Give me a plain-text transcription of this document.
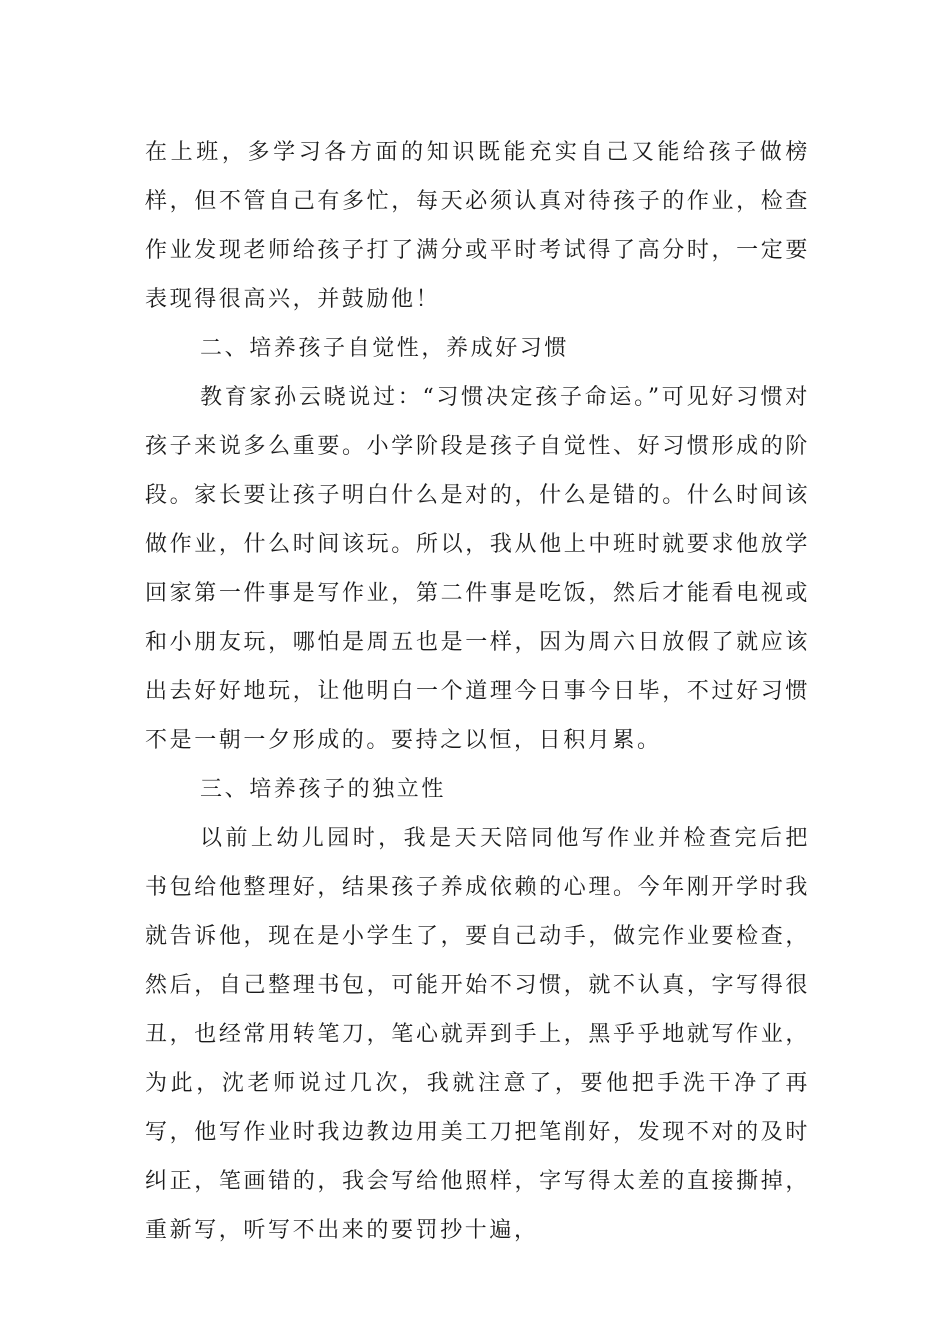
在上班，多学习各方面的知识既能充实自己又能给孩子做榜样，但不管自己有多忙，每天必须认真对待孩子的作业，检查作业发现老师给孩子打了满分或平时考试得了高分时，一定要表现得很高兴，并鼓励他！

二、培养孩子自觉性，养成好习惯

教育家孙云晓说过：“习惯决定孩子命运。”可见好习惯对孩子来说多么重要。小学阶段是孩子自觉性、好习惯形成的阶段。家长要让孩子明白什么是对的，什么是错的。什么时间该做作业，什么时间该玩。所以，我从他上中班时就要求他放学回家第一件事是写作业，第二件事是吃饭，然后才能看电视或和小朋友玩，哪怕是周五也是一样，因为周六日放假了就应该出去好好地玩，让他明白一个道理今日事今日毕，不过好习惯不是一朝一夕形成的。要持之以恒，日积月累。

三、培养孩子的独立性

以前上幼儿园时，我是天天陪同他写作业并检查完后把书包给他整理好，结果孩子养成依赖的心理。今年刚开学时我就告诉他，现在是小学生了，要自己动手，做完作业要检查，然后，自己整理书包，可能开始不习惯，就不认真，字写得很丑，也经常用转笔刀，笔心就弄到手上，黑乎乎地就写作业，为此，沈老师说过几次，我就注意了，要他把手洗干净了再写，他写作业时我边教边用美工刀把笔削好，发现不对的及时纠正，笔画错的，我会写给他照样，字写得太差的直接撕掉，重新写，听写不出来的要罚抄十遍，
